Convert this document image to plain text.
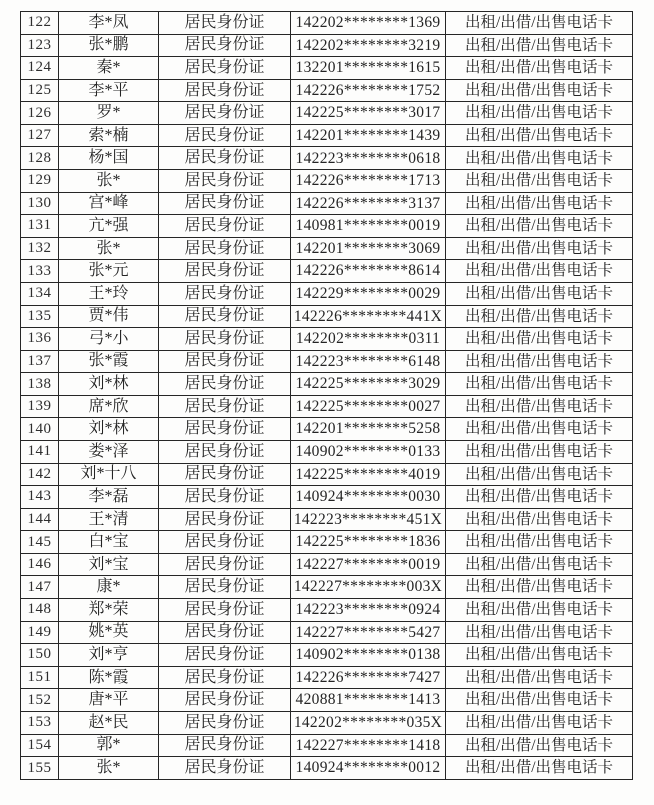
122	李*凤	居民身份证	142202********1369	出租/出借/出售电话卡
123	张*鹏	居民身份证	142202********3219	出租/出借/出售电话卡
124	秦*	居民身份证	132201********1615	出租/出借/出售电话卡
125	李*平	居民身份证	142226********1752	出租/出借/出售电话卡
126	罗*	居民身份证	142225********3017	出租/出借/出售电话卡
127	索*楠	居民身份证	142201********1439	出租/出借/出售电话卡
128	杨*国	居民身份证	142223********0618	出租/出借/出售电话卡
129	张*	居民身份证	142226********1713	出租/出借/出售电话卡
130	宫*峰	居民身份证	142226********3137	出租/出借/出售电话卡
131	亢*强	居民身份证	140981********0019	出租/出借/出售电话卡
132	张*	居民身份证	142201********3069	出租/出借/出售电话卡
133	张*元	居民身份证	142226********8614	出租/出借/出售电话卡
134	王*玲	居民身份证	142229********0029	出租/出借/出售电话卡
135	贾*伟	居民身份证	142226********441X	出租/出借/出售电话卡
136	弓*小	居民身份证	142202********0311	出租/出借/出售电话卡
137	张*霞	居民身份证	142223********6148	出租/出借/出售电话卡
138	刘*林	居民身份证	142225********3029	出租/出借/出售电话卡
139	席*欣	居民身份证	142225********0027	出租/出借/出售电话卡
140	刘*林	居民身份证	142201********5258	出租/出借/出售电话卡
141	娄*泽	居民身份证	140902********0133	出租/出借/出售电话卡
142	刘*十八	居民身份证	142225********4019	出租/出借/出售电话卡
143	李*磊	居民身份证	140924********0030	出租/出借/出售电话卡
144	王*清	居民身份证	142223********451X	出租/出借/出售电话卡
145	白*宝	居民身份证	142225********1836	出租/出借/出售电话卡
146	刘*宝	居民身份证	142227********0019	出租/出借/出售电话卡
147	康*	居民身份证	142227********003X	出租/出借/出售电话卡
148	郑*荣	居民身份证	142223********0924	出租/出借/出售电话卡
149	姚*英	居民身份证	142227********5427	出租/出借/出售电话卡
150	刘*亨	居民身份证	140902********0138	出租/出借/出售电话卡
151	陈*霞	居民身份证	142226********7427	出租/出借/出售电话卡
152	唐*平	居民身份证	420881********1413	出租/出借/出售电话卡
153	赵*民	居民身份证	142202********035X	出租/出借/出售电话卡
154	郭*	居民身份证	142227********1418	出租/出借/出售电话卡
155	张*	居民身份证	140924********0012	出租/出借/出售电话卡
